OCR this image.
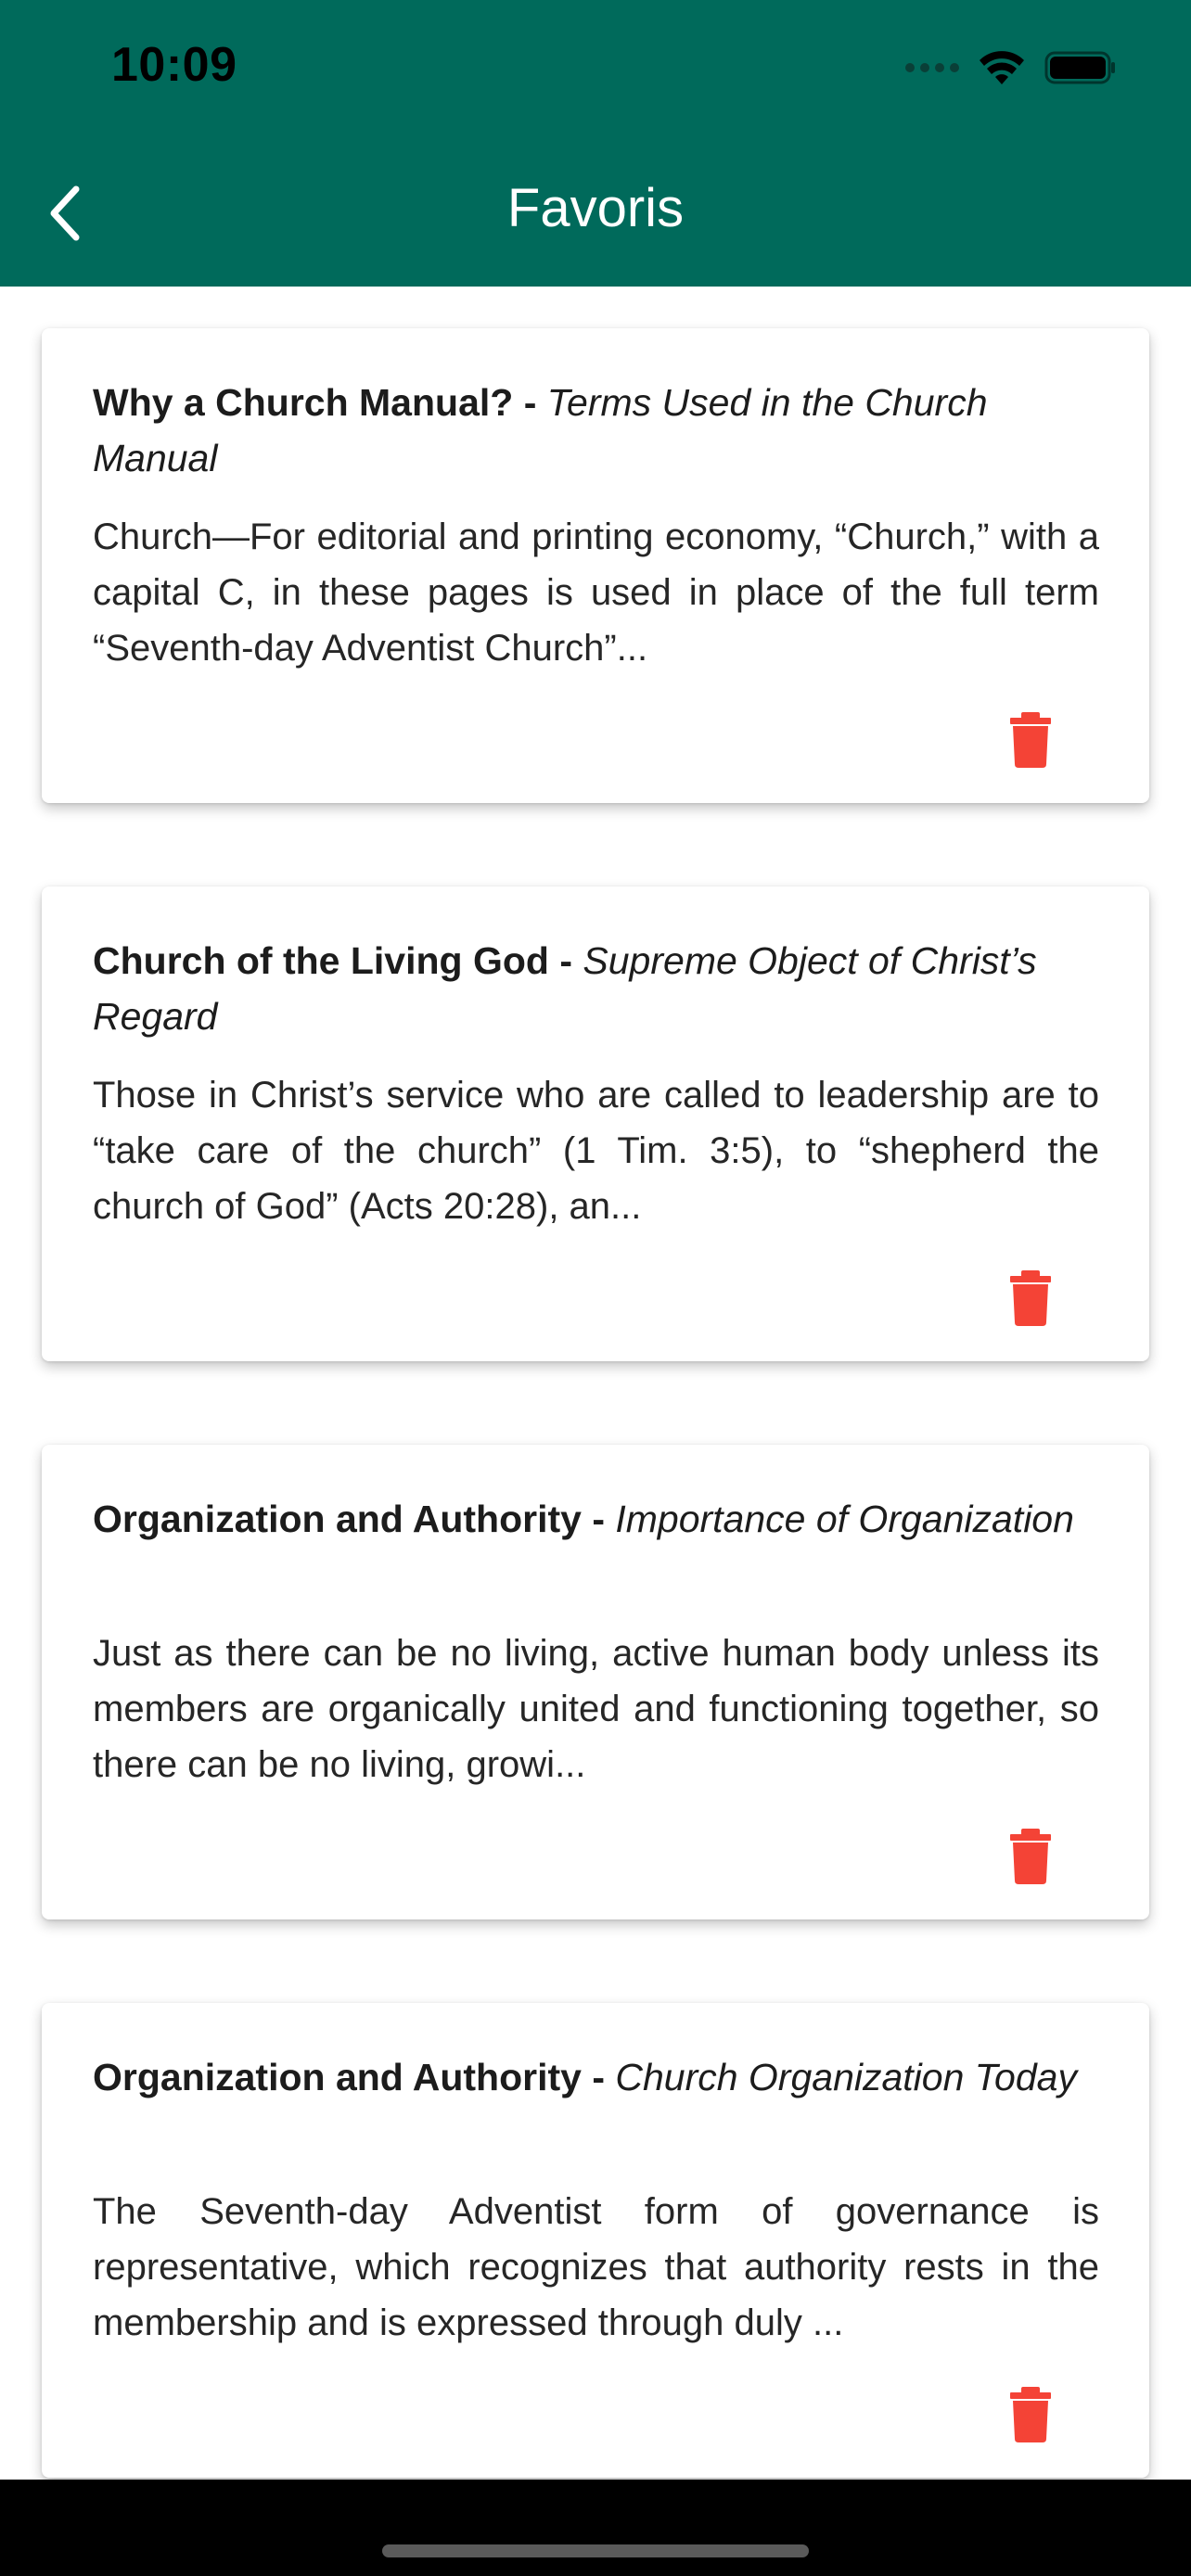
10:09
Favoris
Why a Church Manual? - Terms Used in the Church Manual
Church—For editorial and printing economy, “Church,” with a capital C, in these pages is used in place of the full term “Seventh-day Adventist Church”...
Church of the Living God - Supreme Object of Christ’s Regard
Those in Christ’s service who are called to leadership are to “take care of the church” (1 Tim. 3:5), to “shepherd the church of God” (Acts 20:28), an...
Organization and Authority - Importance of Organization
Just as there can be no living, active human body unless its members are organically united and functioning together, so there can be no living, growi...
Organization and Authority - Church Organization Today
The Seventh-day Adventist form of governance is representative, which recognizes that authority rests in the membership and is expressed through duly ...
